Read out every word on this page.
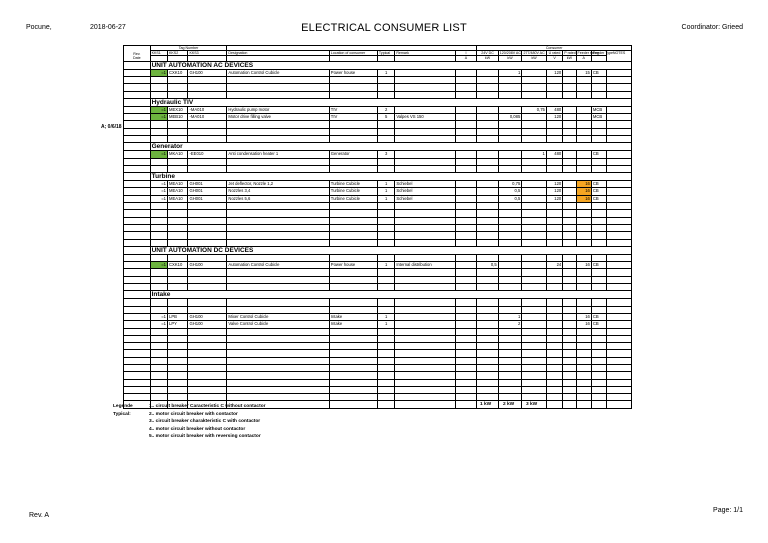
Pocune,	2018-06-27	ELECTRICAL CONSUMER LIST	Coordinator: Grieed
Rev.
Date	Tag Number								Consumer							
	KKS1	KKS2	KKS3	Designation	Location of consumer	Typical	Remark	I	24V DC	120/208V AC	277/480V AC	U rated	P rated	Feeder rating	Feeder Type	NOTES
								A	kW	kW	kW	V	kW	A		
	UNIT AUTOMATION AC DEVICES															
	=1	CXK10	GH100	Automation Control Cubicle	Power house	1				1		120		15	CB	

	Hydraulic TIV															
	=1	MEX10	-MA010	Hydraulic pump motor	TIV	2					0,75	480			MCB	
	=1	MEB10	-MA010	Motor drive filling valve	TIV	5	Valpes VS 150			0,085		120			MCB	

	Generator															
	=1	MKA10	-EE010	Anti condensation heater 1	Generator	3					1	480			CB	

	Turbine															
	=1	MEA10	GH001	Jet deflector, Nozzle 1,2	Turbine Cubicle	1	Schiebel			0,75		120		16	CB	
	=1	MEA10	GH001	Nozzles 3,4	Turbine Cubicle	1	Schiebel			0,5		120		16	CB	
	=1	MEA10	GH001	Nozzles 5,6	Turbine Cubicle	1	Schiebel			0,5		120		16	CB	

	UNIT AUTOMATION DC DEVICES															

	=1	CXK10	GH100	Automation Control Cubicle	Power house	1	Internal distribution		0,5			24		16	CB	

	Intake															

	=1	LPB	GH100	Mixer Control Cubicle	Intake	1				1				16	CB	
	=1	LPY	GH100	Valve Control Cubicle	Intake	1				2				16	CB	

A; 0/6/18
Legende
Typical:
1.. circuit breaker Caracteristic C without contactor
2.. motor circuit breaker with contactor
3.. circuit breaker charakteristic C with contactor
4.. motor circuit breaker without contactor
5.. motor circuit breaker with reversing contactor
1 kW 2 kW 3 kW
Rev. A
Page: 1/1
